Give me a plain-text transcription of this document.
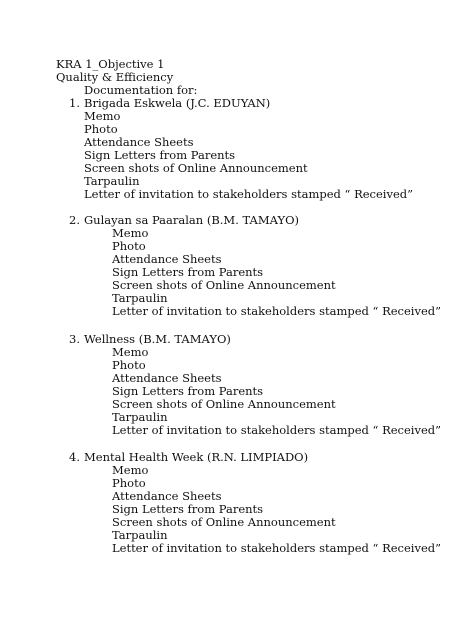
KRA 1_Objective 1
Quality & Efficiency
Documentation for:
1. Brigada Eskwela (J.C. EDUYAN)
Memo
Photo
Attendance Sheets
Sign Letters from Parents
Screen shots of Online Announcement
Tarpaulin
Letter of invitation to stakeholders stamped “ Received”
2. Gulayan sa Paaralan (B.M. TAMAYO)
Memo
Photo
Attendance Sheets
Sign Letters from Parents
Screen shots of Online Announcement
Tarpaulin
Letter of invitation to stakeholders stamped “ Received”
3. Wellness (B.M. TAMAYO)
Memo
Photo
Attendance Sheets
Sign Letters from Parents
Screen shots of Online Announcement
Tarpaulin
Letter of invitation to stakeholders stamped “ Received”
4. Mental Health Week (R.N. LIMPIADO)
Memo
Photo
Attendance Sheets
Sign Letters from Parents
Screen shots of Online Announcement
Tarpaulin
Letter of invitation to stakeholders stamped “ Received”
